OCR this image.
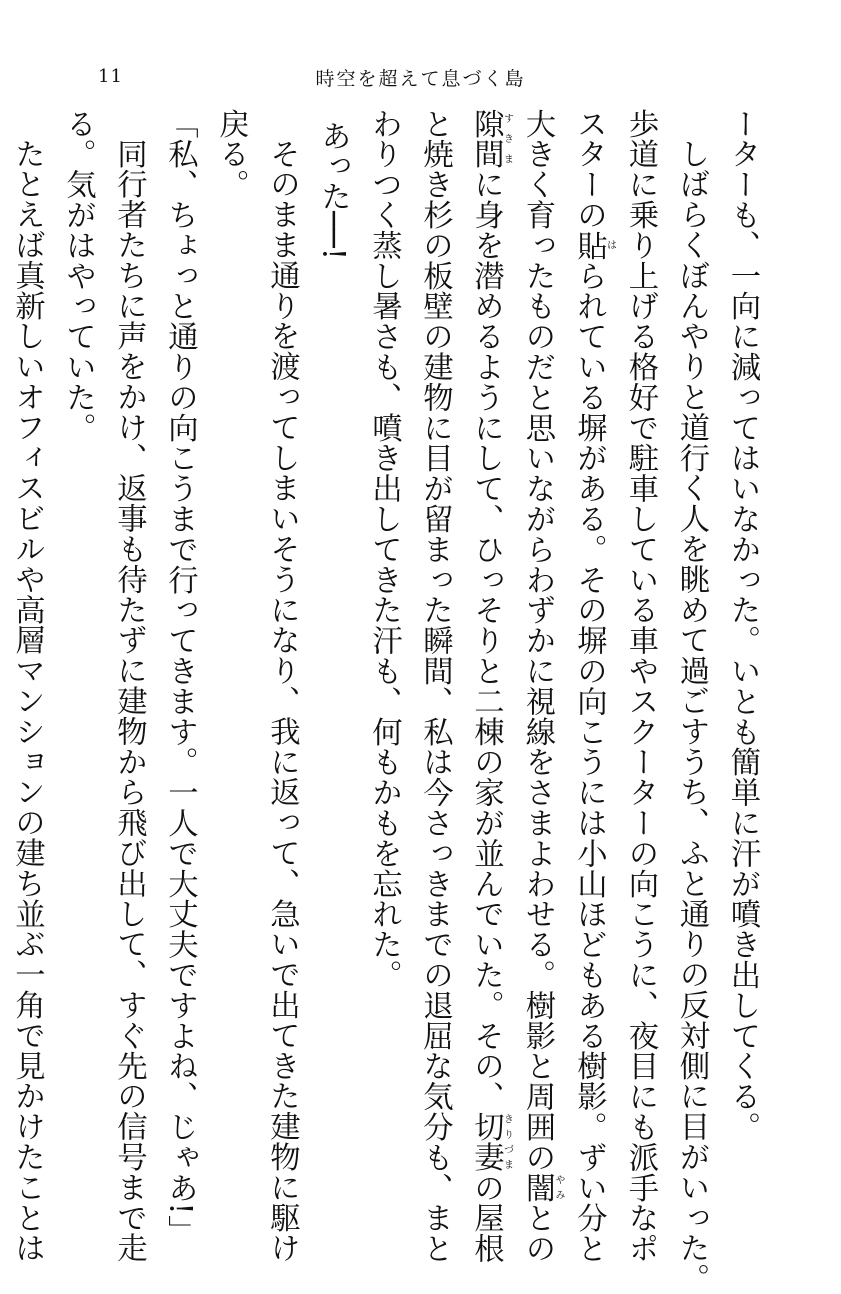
11	時空を超えて息づく島
ーターも、一向に減ってはいなかった。いとも簡単に汗が噴き出してくる。
しばらくぼんやりと道行く人を眺めて過ごすうち、ふと通りの反対側に目がいった。
歩道に乗り上げる格好で駐車している車やスクーターの向こうに、夜目にも派手なポ
スターの貼はられている塀がある。その塀の向こうには小山ほどもある樹影。ずい分と
大きく育ったものだと思いながらわずかに視線をさまよわせる。樹影と周囲の闇やみとの
隙間すきまに身を潜めるようにして、ひっそりと二棟の家が並んでいた。その、切妻きりづまの屋根
と焼き杉の板壁の建物に目が留まった瞬間、私は今さっきまでの退屈な気分も、まと
わりつく蒸し暑さも、噴き出してきた汗も、何もかもを忘れた。
あった──!
そのまま通りを渡ってしまいそうになり、我に返って、急いで出てきた建物に駆け
戻る。
「私、ちょっと通りの向こうまで行ってきます。一人で大丈夫ですよね、じゃあ!」
同行者たちに声をかけ、返事も待たずに建物から飛び出して、すぐ先の信号まで走
る。気がはやっていた。
たとえば真新しいオフィスビルや高層マンションの建ち並ぶ一角で見かけたことは
